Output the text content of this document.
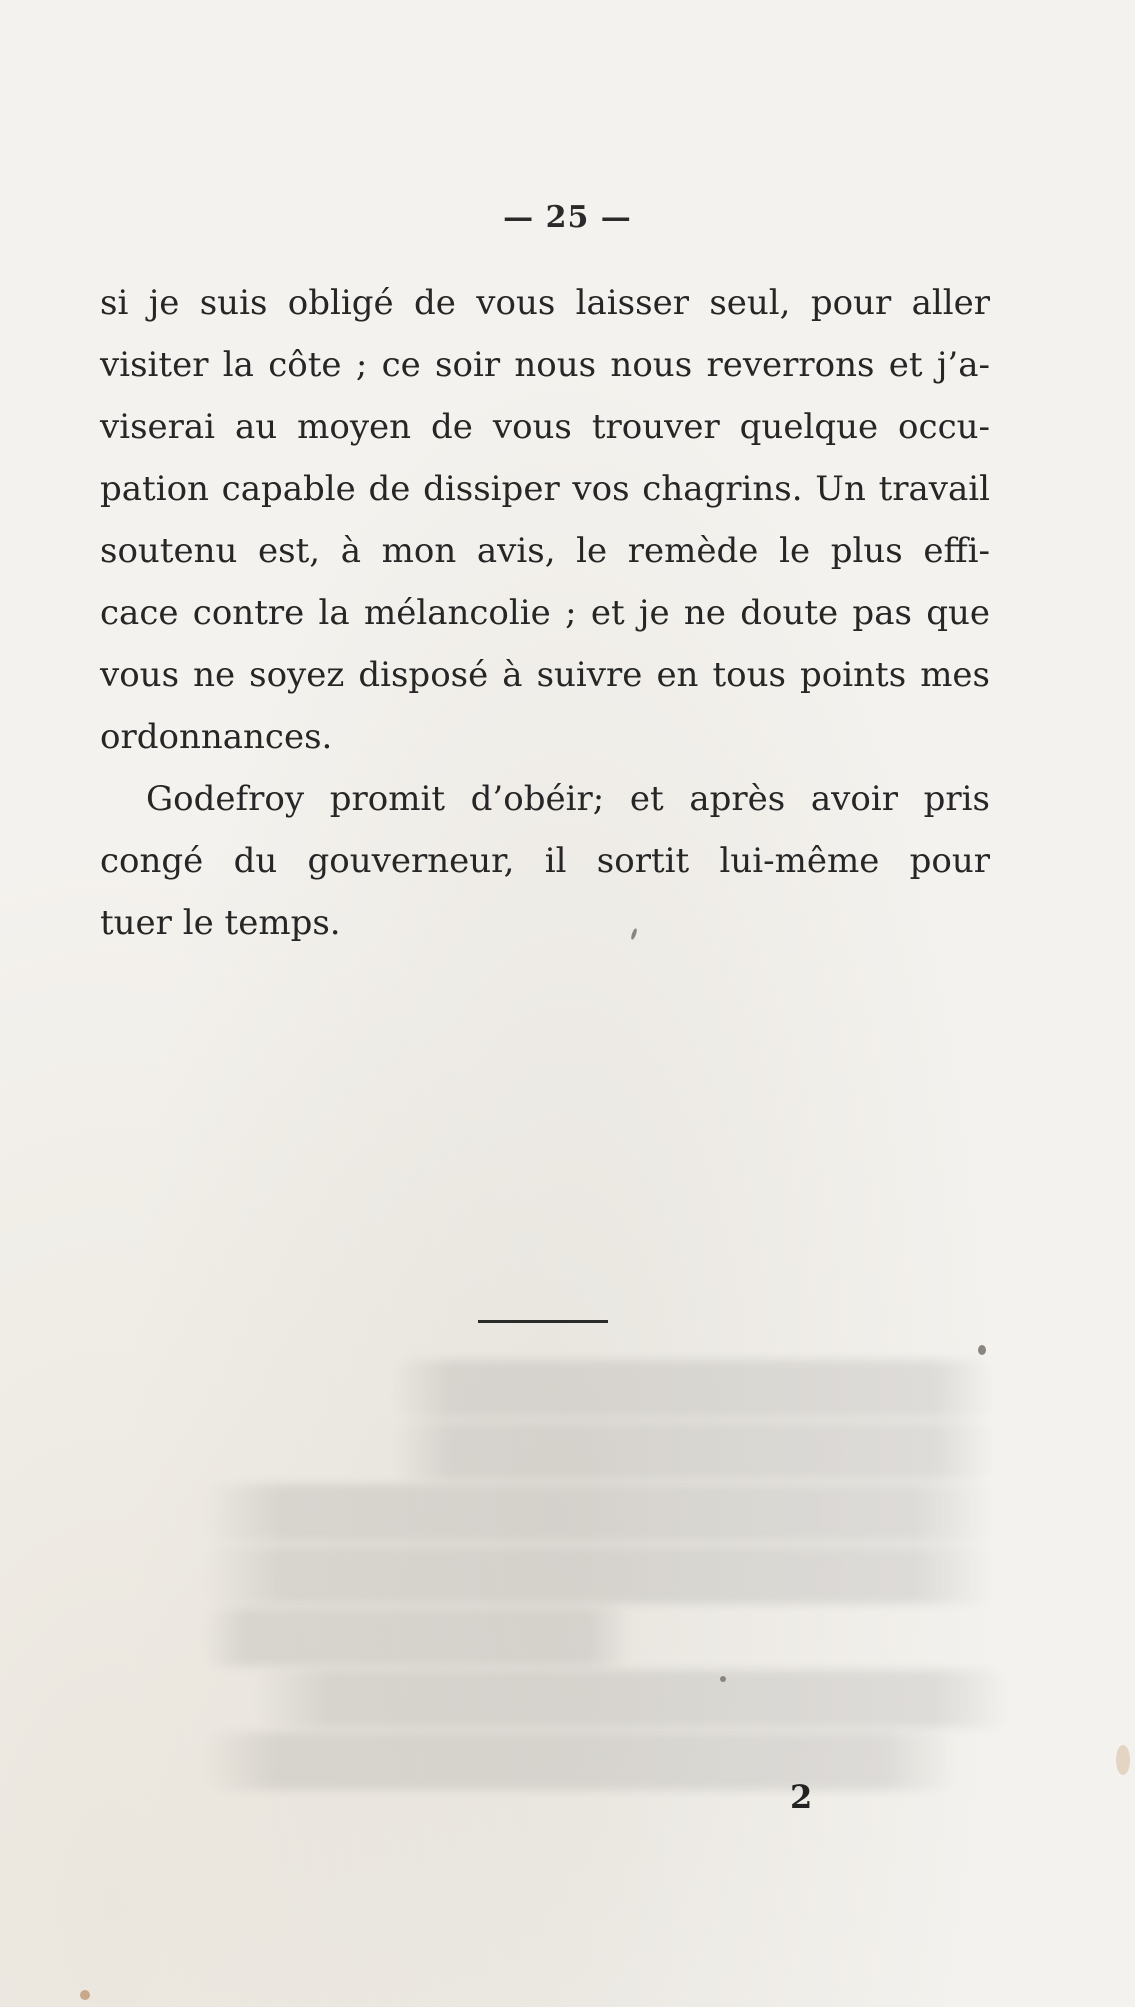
— 25 —
si je suis obligé de vous laisser seul, pour aller
visiter la côte ; ce soir nous nous reverrons et j’a-
viserai au moyen de vous trouver quelque occu-
pation capable de dissiper vos chagrins. Un travail
soutenu est, à mon avis, le remède le plus effi-
cace contre la mélancolie ; et je ne doute pas que
vous ne soyez disposé à suivre en tous points mes
ordonnances.
Godefroy promit d’obéir; et après avoir pris
congé du gouverneur, il sortit lui-même pour
tuer le temps.
2
